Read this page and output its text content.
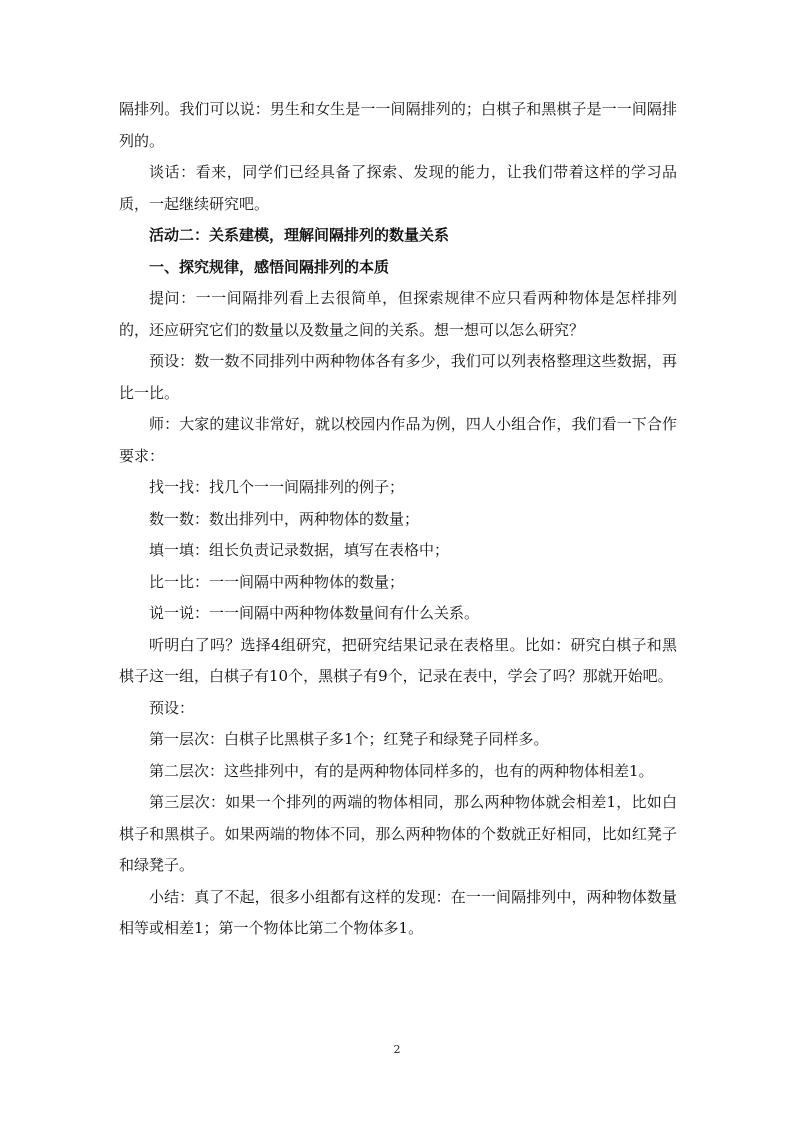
隔排列。我们可以说：男生和女生是一一间隔排列的；白棋子和黑棋子是一一间隔排列的。

谈话：看来，同学们已经具备了探索、发现的能力，让我们带着这样的学习品质，一起继续研究吧。

活动二：关系建模，理解间隔排列的数量关系

一、探究规律，感悟间隔排列的本质

提问：一一间隔排列看上去很简单，但探索规律不应只看两种物体是怎样排列的，还应研究它们的数量以及数量之间的关系。想一想可以怎么研究？

预设：数一数不同排列中两种物体各有多少，我们可以列表格整理这些数据，再比一比。

师：大家的建议非常好，就以校园内作品为例，四人小组合作，我们看一下合作要求：

找一找：找几个一一间隔排列的例子；

数一数：数出排列中，两种物体的数量；

填一填：组长负责记录数据，填写在表格中；

比一比：一一间隔中两种物体的数量；

说一说：一一间隔中两种物体数量间有什么关系。

听明白了吗？选择4组研究，把研究结果记录在表格里。比如：研究白棋子和黑棋子这一组，白棋子有10个，黑棋子有9个，记录在表中，学会了吗？那就开始吧。

预设：

第一层次：白棋子比黑棋子多1个；红凳子和绿凳子同样多。

第二层次：这些排列中，有的是两种物体同样多的，也有的两种物体相差1。

第三层次：如果一个排列的两端的物体相同，那么两种物体就会相差1，比如白棋子和黑棋子。如果两端的物体不同，那么两种物体的个数就正好相同，比如红凳子和绿凳子。

小结：真了不起，很多小组都有这样的发现：在一一间隔排列中，两种物体数量相等或相差1；第一个物体比第二个物体多1。

2
